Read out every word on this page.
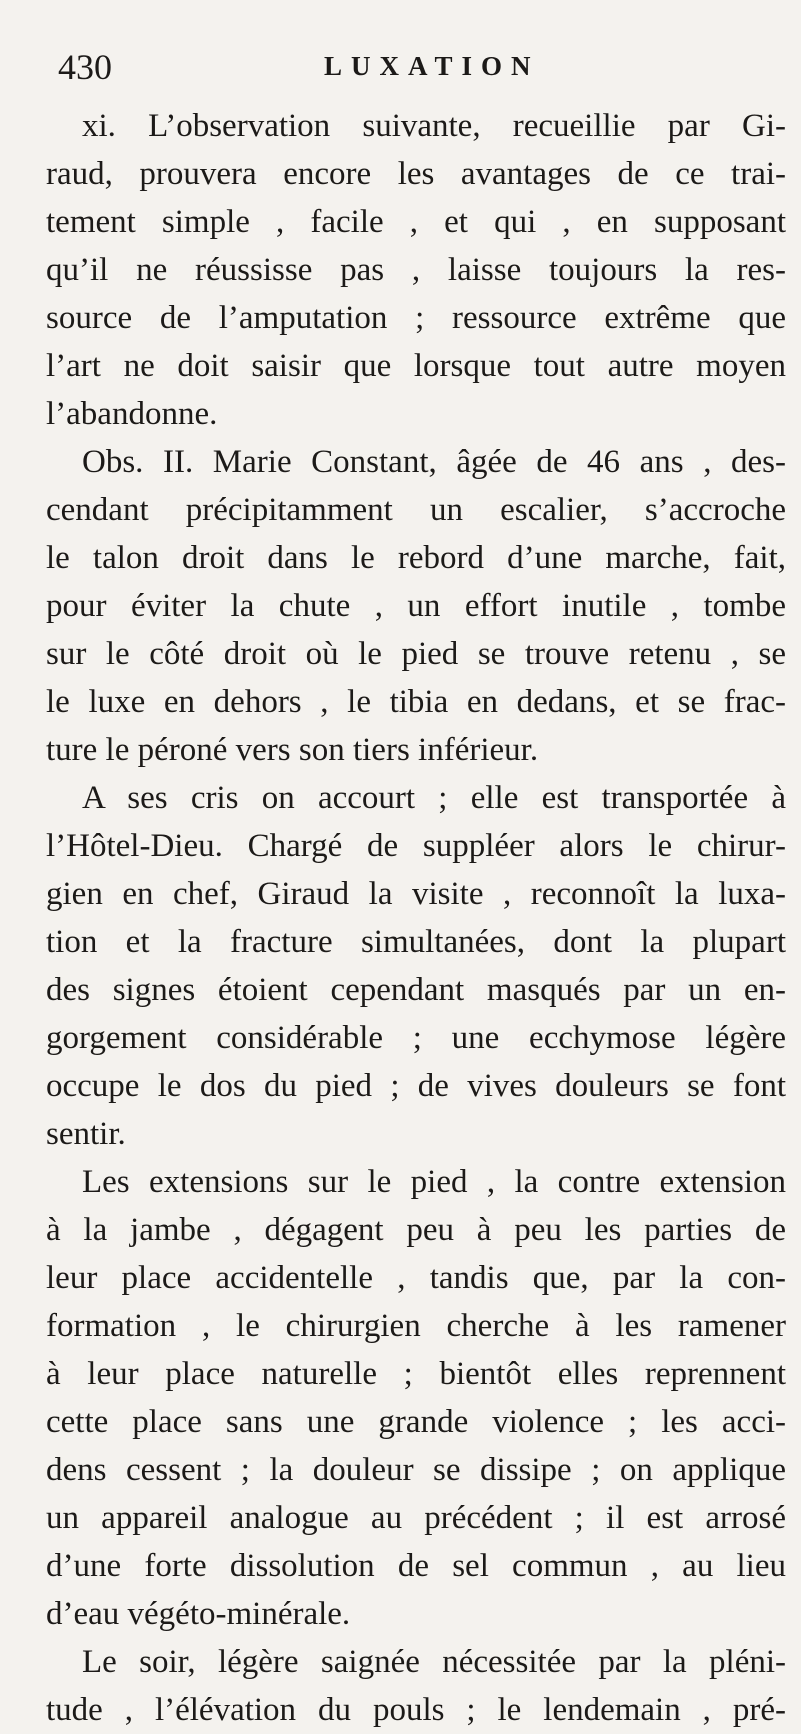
430	LUXATION
xi. L’observation suivante, recueillie par Gi-
raud, prouvera encore les avantages de ce trai-
tement simple , facile , et qui , en supposant
qu’il ne réussisse pas , laisse toujours la res-
source de l’amputation ; ressource extrême que
l’art ne doit saisir que lorsque tout autre moyen
l’abandonne.
Obs. II. Marie Constant, âgée de 46 ans , des-
cendant précipitamment un escalier, s’accroche
le talon droit dans le rebord d’une marche, fait,
pour éviter la chute , un effort inutile , tombe
sur le côté droit où le pied se trouve retenu , se
le luxe en dehors , le tibia en dedans, et se frac-
ture le péroné vers son tiers inférieur.
A ses cris on accourt ; elle est transportée à
l’Hôtel-Dieu. Chargé de suppléer alors le chirur-
gien en chef, Giraud la visite , reconnoît la luxa-
tion et la fracture simultanées, dont la plupart
des signes étoient cependant masqués par un en-
gorgement considérable ; une ecchymose légère
occupe le dos du pied ; de vives douleurs se font
sentir.
Les extensions sur le pied , la contre extension
à la jambe , dégagent peu à peu les parties de
leur place accidentelle , tandis que, par la con-
formation , le chirurgien cherche à les ramener
à leur place naturelle ; bientôt elles reprennent
cette place sans une grande violence ; les acci-
dens cessent ; la douleur se dissipe ; on applique
un appareil analogue au précédent ; il est arrosé
d’une forte dissolution de sel commun , au lieu
d’eau végéto-minérale.
Le soir, légère saignée nécessitée par la pléni-
tude , l’élévation du pouls ; le lendemain , pré-
